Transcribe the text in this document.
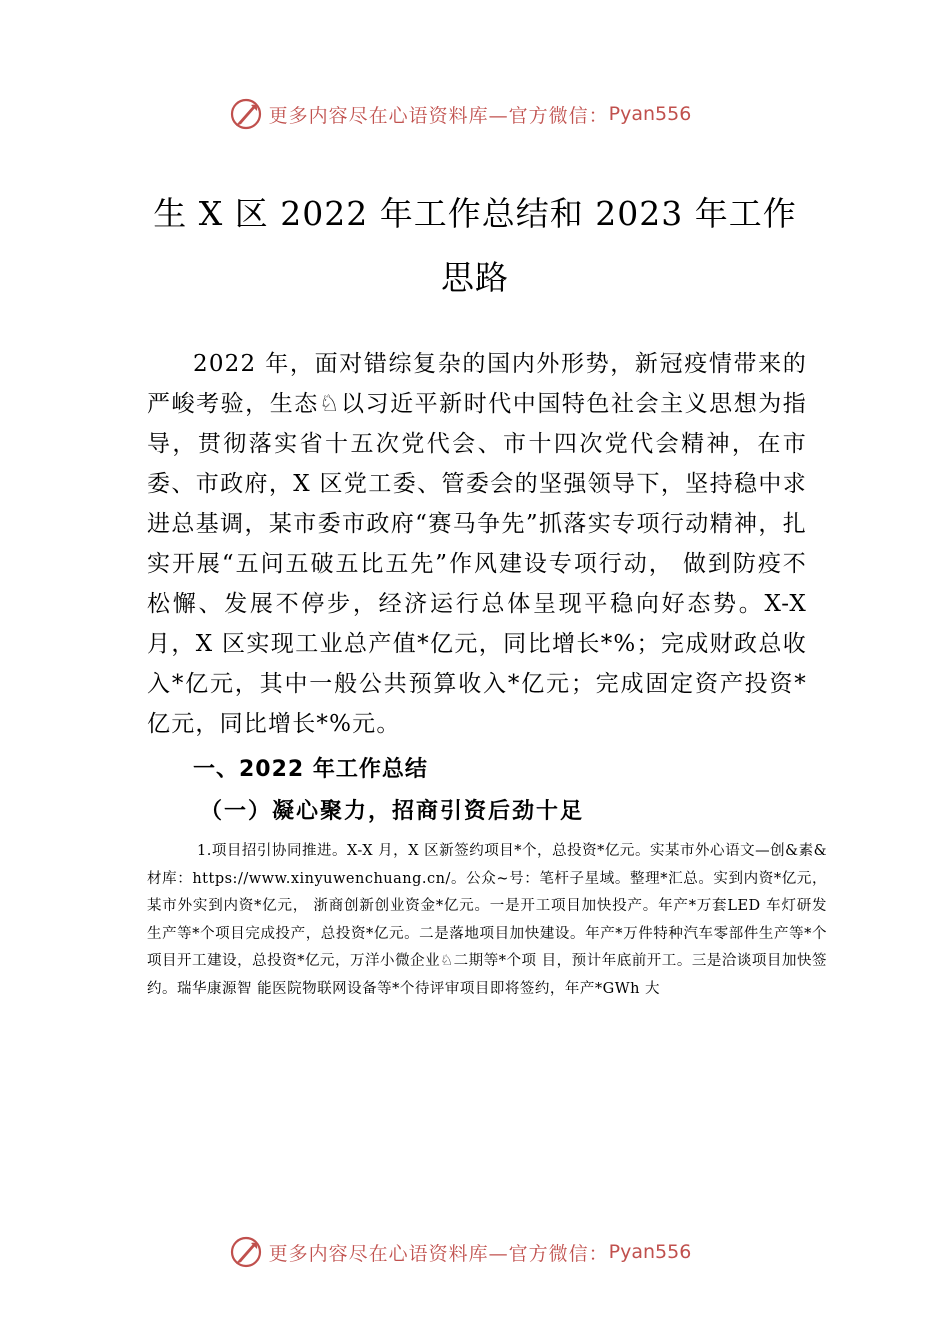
更多内容尽在心语资料库—官方微信： Pyan556
生 X 区 2022 年工作总结和 2023 年工作
思路

2022 年，面对错综复杂的国内外形势，新冠疫情带来的严峻考验，生态♘以习近平新时代中国特色社会主义思想为指导，贯彻落实省十五次党代会、市十四次党代会精神，在市委、市政府，X 区党工委、管委会的坚强领导下，坚持稳中求进总基调，某市委市政府“赛马争先”抓落实专项行动精神，扎实开展“五问五破五比五先”作风建设专项行动， 做到防疫不松懈、发展不停步，经济运行总体呈现平稳向好态势。X-X 月，X 区实现工业总产值*亿元，同比增长*%；完成财政总收入*亿元，其中一般公共预算收入*亿元；完成固定资产投资*亿元，同比增长*%元。

一、2022 年工作总结
（一）凝心聚力，招商引资后劲十足

1.项目招引协同推进。X-X 月，X 区新签约项目*个，总投资*亿元。实某市外心语文—创&素&材库：https://www.xinyuwenchuang.cn/。公众~号：笔杆子星域。整理*汇总。实到内资*亿元，某市外实到内资*亿元， 浙商创新创业资金*亿元。一是开工项目加快投产。年产*万套LED 车灯研发生产等*个项目完成投产，总投资*亿元。二是落地项目加快建设。年产*万件特种汽车零部件生产等*个 项目开工建设，总投资*亿元，万洋小微企业♘二期等*个项 目，预计年底前开工。三是洽谈项目加快签约。瑞华康源智 能医院物联网设备等*个待评审项目即将签约，年产*GWh 大

更多内容尽在心语资料库—官方微信： Pyan556
